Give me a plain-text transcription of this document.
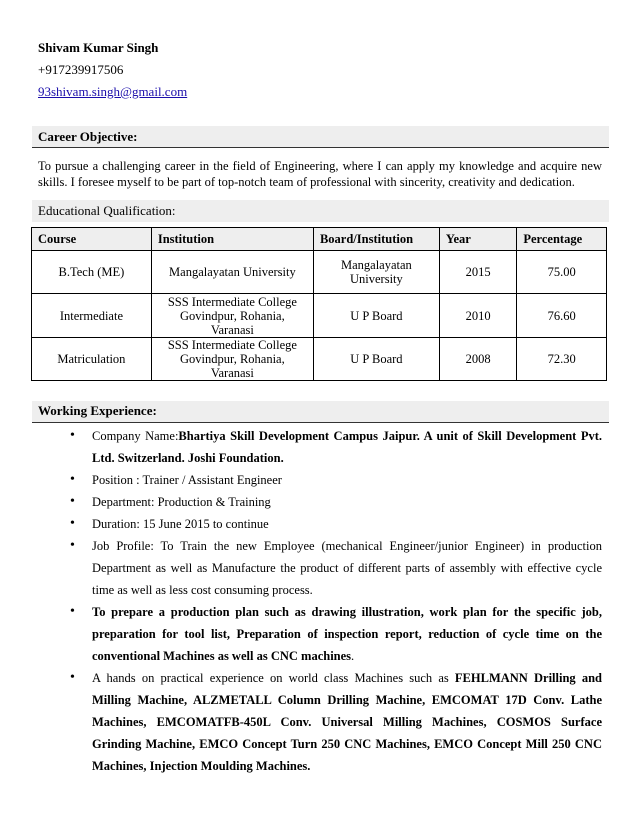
Shivam Kumar Singh
+917239917506
93shivam.singh@gmail.com
Career Objective:
To pursue a challenging career in the field of Engineering, where I can apply my knowledge and acquire new skills. I foresee myself to be part of top-notch team of professional with sincerity, creativity and dedication.
Educational Qualification:
Course	Institution	Board/Institution	Year	Percentage
B.Tech (ME)	Mangalayatan University	Mangalayatan University	2015	75.00
Intermediate	SSS Intermediate College Govindpur, Rohania, Varanasi	U P Board	2010	76.60
Matriculation	SSS Intermediate College Govindpur, Rohania, Varanasi	U P Board	2008	72.30
Working Experience:
• Company Name:Bhartiya Skill Development Campus Jaipur. A unit of Skill Development Pvt. Ltd. Switzerland. Joshi Foundation.
• Position : Trainer / Assistant Engineer
• Department: Production & Training
• Duration: 15 June 2015 to continue
• Job Profile: To Train the new Employee (mechanical Engineer/junior Engineer) in production Department as well as Manufacture the product of different parts of assembly with effective cycle time as well as less cost consuming process.
• To prepare a production plan such as drawing illustration, work plan for the specific job, preparation for tool list, Preparation of inspection report, reduction of cycle time on the conventional Machines as well as CNC machines.
• A hands on practical experience on world class Machines such as FEHLMANN Drilling and Milling Machine, ALZMETALL Column Drilling Machine, EMCOMAT 17D Conv. Lathe Machines, EMCOMATFB-450L Conv. Universal Milling Machines, COSMOS Surface Grinding Machine, EMCO Concept Turn 250 CNC Machines, EMCO Concept Mill 250 CNC Machines, Injection Moulding Machines.
